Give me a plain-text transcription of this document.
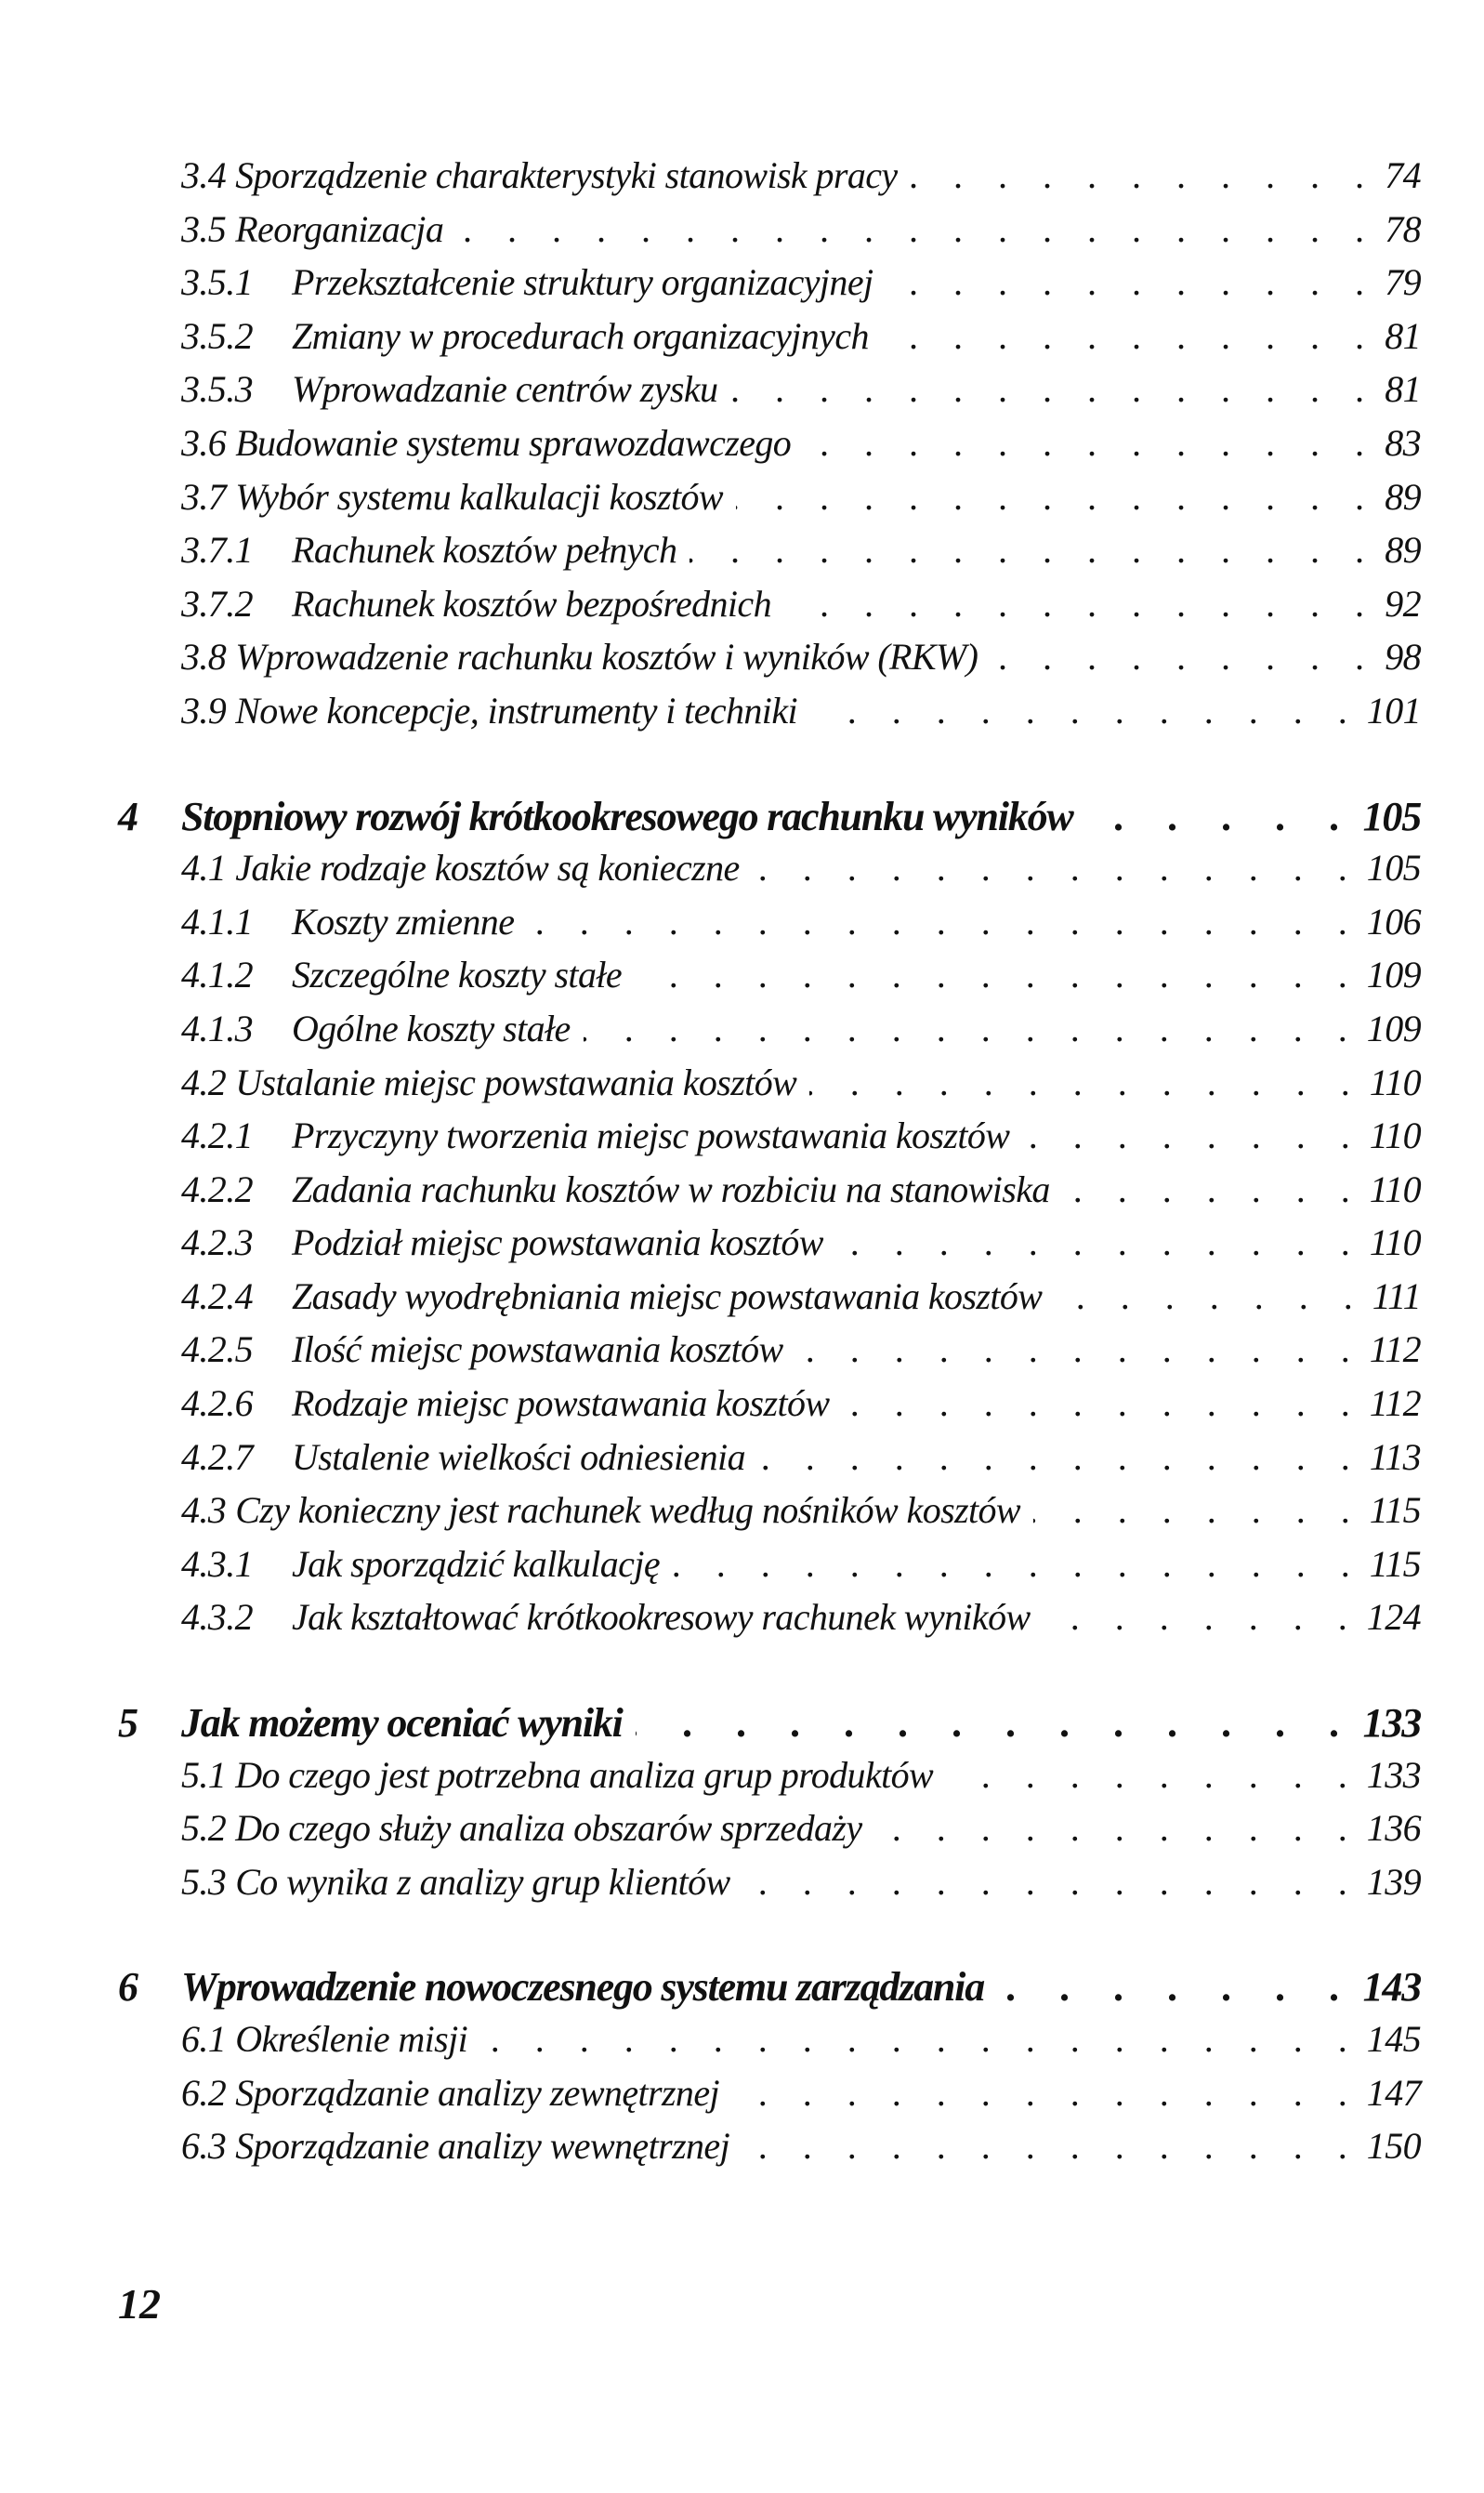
3.4 Sporządzenie charakterystyki stanowisk pracy . . .	74
3.5 Reorganizacja . . .	78
3.5.1	Przekształcenie struktury organizacyjnej . . .	79
3.5.2	Zmiany w procedurach organizacyjnych . . .	81
3.5.3	Wprowadzanie centrów zysku . . .	81
3.6 Budowanie systemu sprawozdawczego . . .	83
3.7 Wybór systemu kalkulacji kosztów . . .	89
3.7.1	Rachunek kosztów pełnych . . .	89
3.7.2	Rachunek kosztów bezpośrednich . . .	92
3.8 Wprowadzenie rachunku kosztów i wyników (RKW) . . .	98
3.9 Nowe koncepcje, instrumenty i techniki . . .	101
4	Stopniowy rozwój krótkookresowego rachunku wyników . . .	105
4.1 Jakie rodzaje kosztów są konieczne . . .	105
4.1.1	Koszty zmienne . . .	106
4.1.2	Szczególne koszty stałe . . .	109
4.1.3	Ogólne koszty stałe . . .	109
4.2 Ustalanie miejsc powstawania kosztów . . .	110
4.2.1	Przyczyny tworzenia miejsc powstawania kosztów . . .	110
4.2.2	Zadania rachunku kosztów w rozbiciu na stanowiska . . .	110
4.2.3	Podział miejsc powstawania kosztów . . .	110
4.2.4	Zasady wyodrębniania miejsc powstawania kosztów . . .	111
4.2.5	Ilość miejsc powstawania kosztów . . .	112
4.2.6	Rodzaje miejsc powstawania kosztów . . .	112
4.2.7	Ustalenie wielkości odniesienia . . .	113
4.3 Czy konieczny jest rachunek według nośników kosztów . . .	115
4.3.1	Jak sporządzić kalkulację . . .	115
4.3.2	Jak kształtować krótkookresowy rachunek wyników . . .	124
5	Jak możemy oceniać wyniki . . .	133
5.1 Do czego jest potrzebna analiza grup produktów . . .	133
5.2 Do czego służy analiza obszarów sprzedaży . . .	136
5.3 Co wynika z analizy grup klientów . . .	139
6	Wprowadzenie nowoczesnego systemu zarządzania . . .	143
6.1 Określenie misji . . .	145
6.2 Sporządzanie analizy zewnętrznej . . .	147
6.3 Sporządzanie analizy wewnętrznej . . .	150
12
